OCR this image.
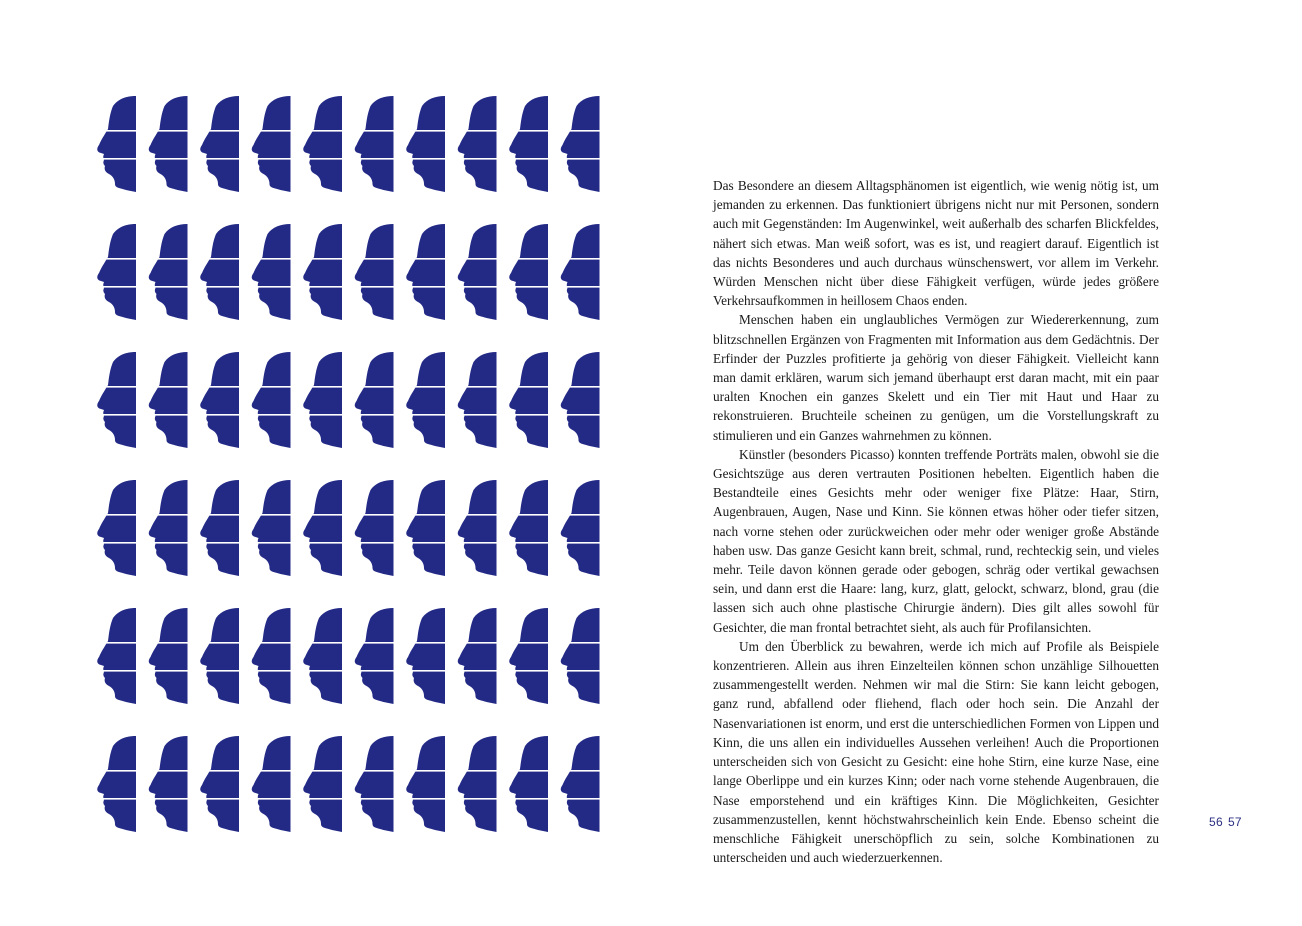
Das Besondere an diesem Alltagsphänomen ist eigentlich, wie wenig nötig ist, um jemanden zu erkennen. Das funktioniert übrigens nicht nur mit Personen, sondern auch mit Gegenständen: Im Augenwinkel, weit außerhalb des scharfen Blickfeldes, nähert sich etwas. Man weiß sofort, was es ist, und reagiert darauf. Eigentlich ist das nichts Besonderes und auch durchaus wünschenswert, vor allem im Verkehr. Würden Menschen nicht über diese Fähigkeit verfügen, würde jedes größere Verkehrsaufkommen in heillosem Chaos enden.

Menschen haben ein unglaubliches Vermögen zur Wiedererkennung, zum blitzschnellen Ergänzen von Fragmenten mit Information aus dem Gedächtnis. Der Erfinder der Puzzles profitierte ja gehörig von dieser Fähigkeit. Vielleicht kann man damit erklären, warum sich jemand überhaupt erst daran macht, mit ein paar uralten Knochen ein ganzes Skelett und ein Tier mit Haut und Haar zu rekonstruieren. Bruchteile scheinen zu genügen, um die Vorstellungskraft zu stimulieren und ein Ganzes wahrnehmen zu können.

Künstler (besonders Picasso) konnten treffende Porträts malen, obwohl sie die Gesichtszüge aus deren vertrauten Positionen hebelten. Eigentlich haben die Bestandteile eines Gesichts mehr oder weniger fixe Plätze: Haar, Stirn, Augenbrauen, Augen, Nase und Kinn. Sie können etwas höher oder tiefer sitzen, nach vorne stehen oder zurückweichen oder mehr oder weniger große Abstände haben usw. Das ganze Gesicht kann breit, schmal, rund, rechteckig sein, und vieles mehr. Teile davon können gerade oder gebogen, schräg oder vertikal gewachsen sein, und dann erst die Haare: lang, kurz, glatt, gelockt, schwarz, blond, grau (die lassen sich auch ohne plastische Chirurgie ändern). Dies gilt alles sowohl für Gesichter, die man frontal betrachtet sieht, als auch für Profilansichten.

Um den Überblick zu bewahren, werde ich mich auf Profile als Beispiele konzentrieren. Allein aus ihren Einzelteilen können schon unzählige Silhouetten zusammengestellt werden. Nehmen wir mal die Stirn: Sie kann leicht gebogen, ganz rund, abfallend oder fliehend, flach oder hoch sein. Die Anzahl der Nasenvariationen ist enorm, und erst die unterschiedlichen Formen von Lippen und Kinn, die uns allen ein individuelles Aussehen verleihen! Auch die Proportionen unterscheiden sich von Gesicht zu Gesicht: eine hohe Stirn, eine kurze Nase, eine lange Oberlippe und ein kurzes Kinn; oder nach vorne stehende Augenbrauen, die Nase emporstehend und ein kräftiges Kinn. Die Möglichkeiten, Gesichter zusammenzustellen, kennt höchstwahrscheinlich kein Ende. Ebenso scheint die menschliche Fähigkeit unerschöpflich zu sein, solche Kombinationen zu unterscheiden und auch wiederzuerkennen.

56 57
